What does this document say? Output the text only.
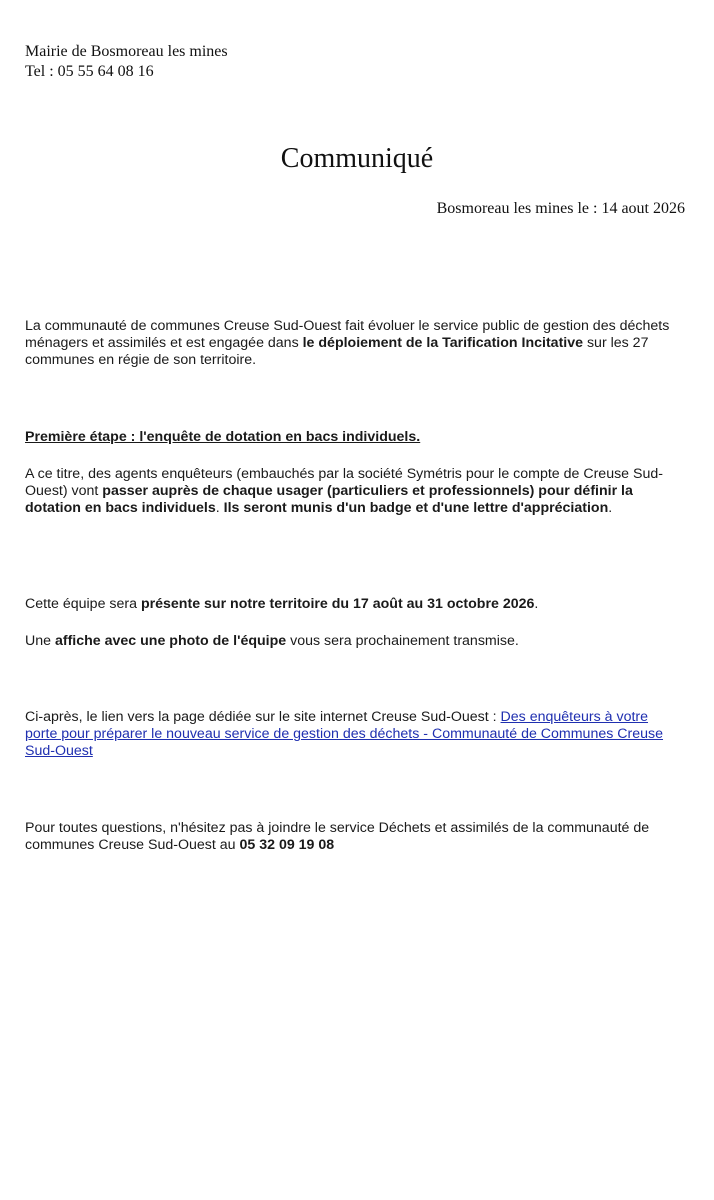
Mairie de Bosmoreau les mines
Tel : 05 55 64 08 16
Communiqué
Bosmoreau les mines le : 14 aout 2026
La communauté de communes Creuse Sud-Ouest fait évoluer le service public de gestion des déchets ménagers et assimilés et est engagée dans le déploiement de la Tarification Incitative sur les 27 communes en régie de son territoire.
Première étape : l'enquête de dotation en bacs individuels.
A ce titre, des agents enquêteurs (embauchés par la société Symétris pour le compte de Creuse Sud-Ouest) vont passer auprès de chaque usager (particuliers et professionnels) pour définir la dotation en bacs individuels. Ils seront munis d'un badge et d'une lettre d'appréciation.
Cette équipe sera présente sur notre territoire du 17 août au 31 octobre 2026.
Une affiche avec une photo de l'équipe vous sera prochainement transmise.
Ci-après, le lien vers la page dédiée sur le site internet Creuse Sud-Ouest : Des enquêteurs à votre porte pour préparer le nouveau service de gestion des déchets - Communauté de Communes Creuse Sud-Ouest
Pour toutes questions, n'hésitez pas à joindre le service Déchets et assimilés de la communauté de communes Creuse Sud-Ouest au 05 32 09 19 08
